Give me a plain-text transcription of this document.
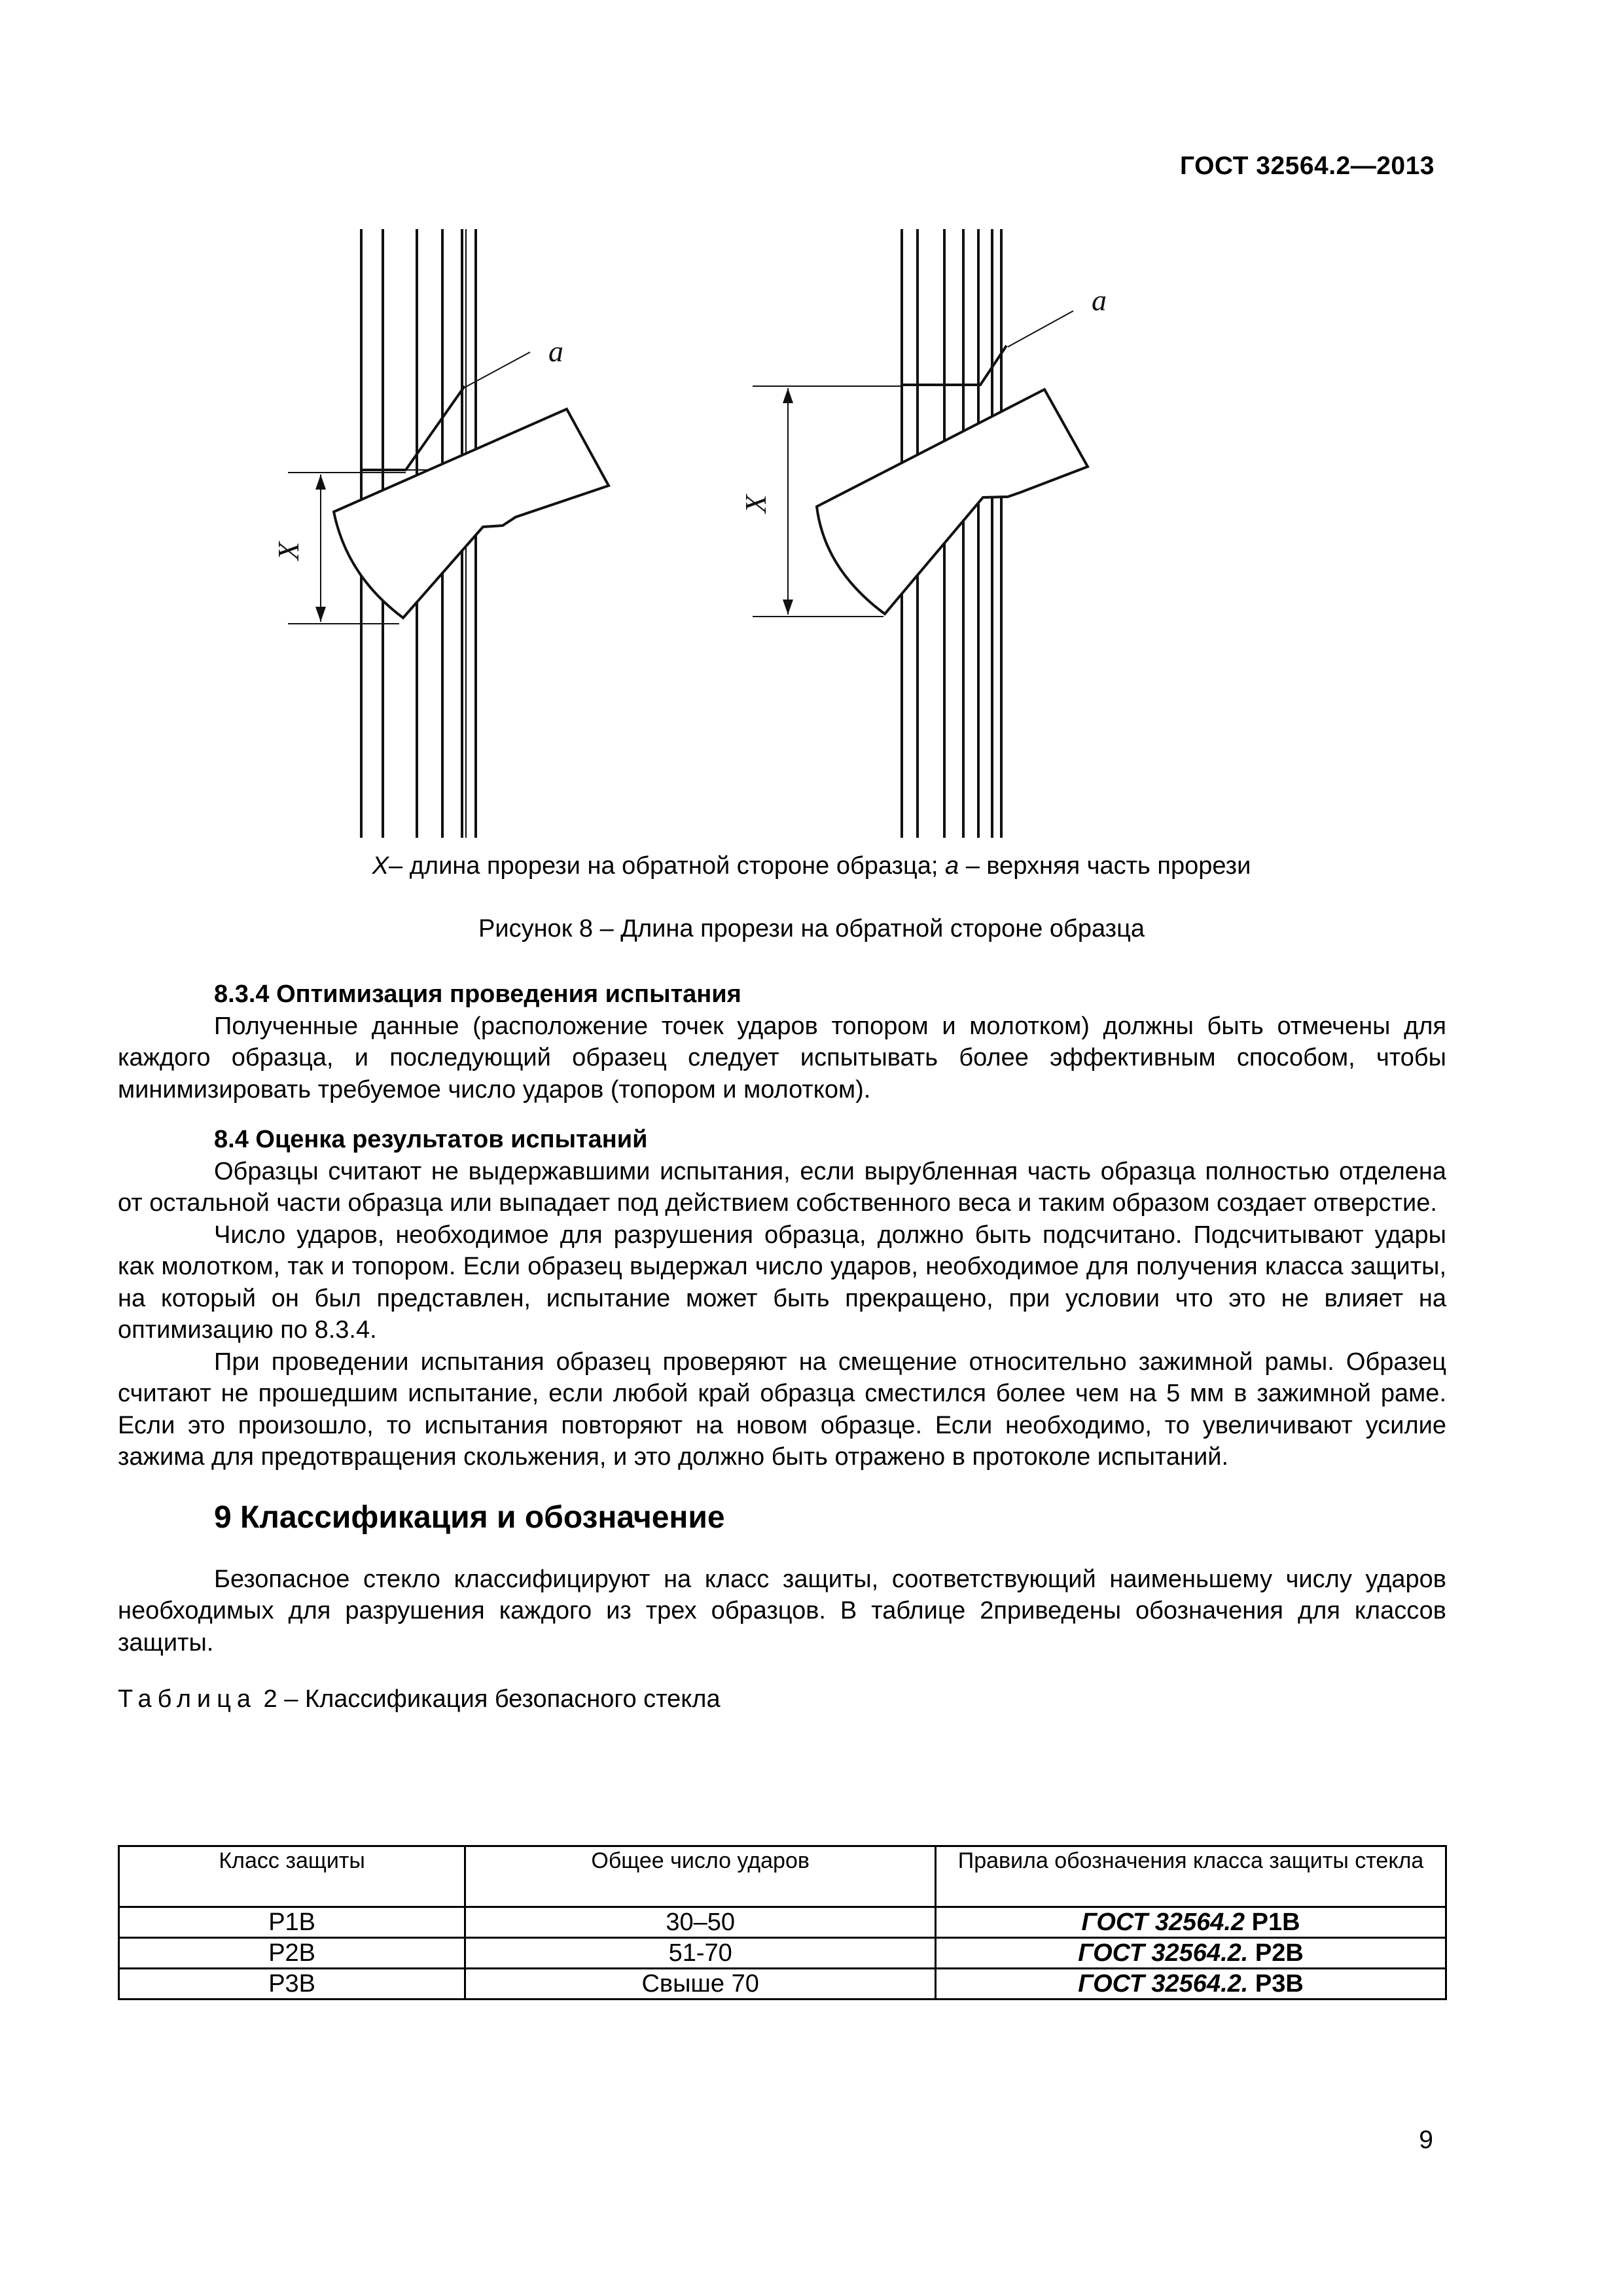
ГОСТ 32564.2—2013
a
a
X
X
X– длина прорези на обратной стороне образца; а – верхняя часть прорези
Рисунок 8 – Длина прорези на обратной стороне образца

8.3.4 Оптимизация проведения испытания

Полученные данные (расположение точек ударов топором и молотком) должны быть отмечены для каждого образца, и последующий образец следует испытывать более эффективным способом, чтобы минимизировать требуемое число ударов (топором и молотком).

8.4 Оценка результатов испытаний

Образцы считают не выдержавшими испытания, если вырубленная часть образца полностью отделена от остальной части образца или выпадает под действием собственного веса и таким образом создает отверстие.

Число ударов, необходимое для разрушения образца, должно быть подсчитано. Подсчитывают удары как молотком, так и топором. Если образец выдержал число ударов, необходимое для получения класса защиты, на который он был представлен, испытание может быть прекращено, при условии что это не влияет на оптимизацию по 8.3.4.

При проведении испытания образец проверяют на смещение относительно зажимной рамы. Образец считают не прошедшим испытание, если любой край образца сместился более чем на 5 мм в зажимной раме. Если это произошло, то испытания повторяют на новом образце. Если необходимо, то увеличивают усилие зажима для предотвращения скольжения, и это должно быть отражено в протоколе испытаний.

9 Классификация и обозначение

Безопасное стекло классифицируют на класс защиты, соответствующий наименьшему числу ударов необходимых для разрушения каждого из трех образцов. В таблице 2приведены обозначения для классов защиты.

Таблица 2 – Классификация безопасного стекла

Класс защиты	Общее число ударов	Правила обозначения класса защиты стекла
Р1В	30–50	ГОСТ 32564.2 Р1В
Р2В	51-70	ГОСТ 32564.2. Р2В
Р3В	Свыше 70	ГОСТ 32564.2. Р3В
9
